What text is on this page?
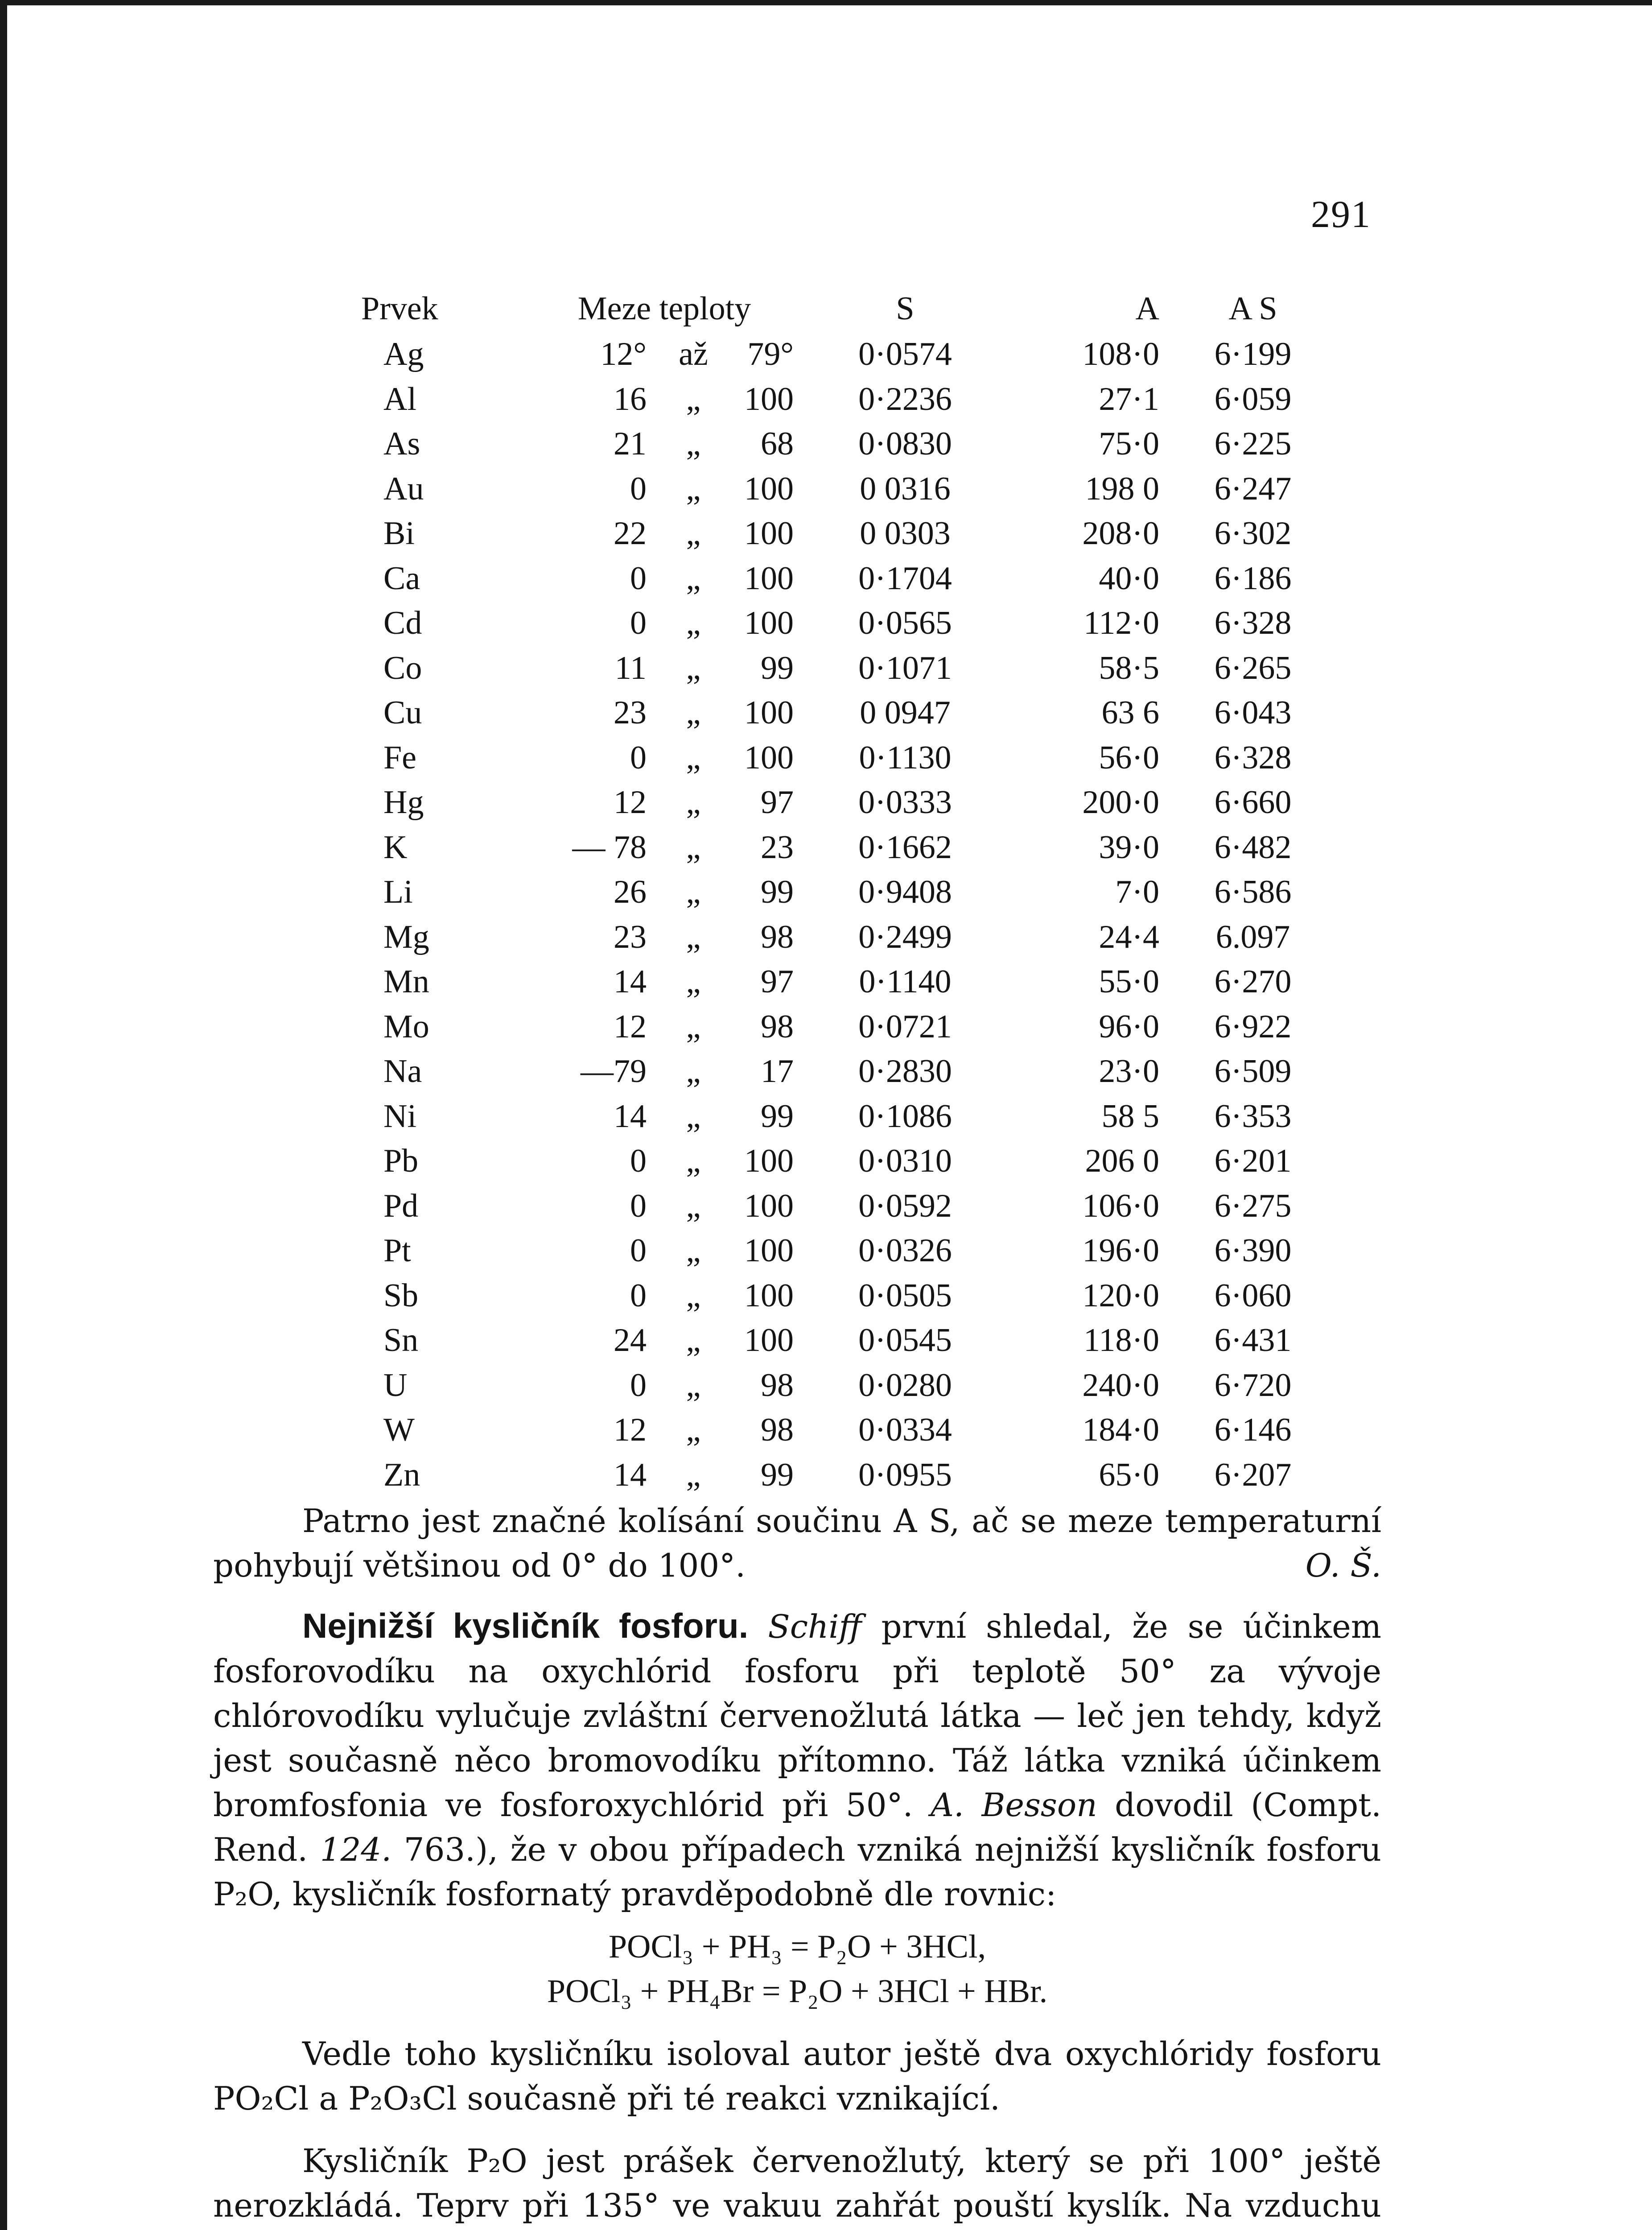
291
Prvek	Meze teploty			S	A	A S
Ag	12°	až	79°	0·0574	108·0	6·199
Al	16	„	100	0·2236	27·1	6·059
As	21	„	68	0·0830	75·0	6·225
Au	0	„	100	0 0316	198 0	6·247
Bi	22	„	100	0 0303	208·0	6·302
Ca	0	„	100	0·1704	40·0	6·186
Cd	0	„	100	0·0565	112·0	6·328
Co	11	„	99	0·1071	58·5	6·265
Cu	23	„	100	0 0947	63 6	6·043
Fe	0	„	100	0·1130	56·0	6·328
Hg	12	„	97	0·0333	200·0	6·660
K	— 78	„	23	0·1662	39·0	6·482
Li	26	„	99	0·9408	7·0	6·586
Mg	23	„	98	0·2499	24·4	6.097
Mn	14	„	97	0·1140	55·0	6·270
Mo	12	„	98	0·0721	96·0	6·922
Na	—79	„	17	0·2830	23·0	6·509
Ni	14	„	99	0·1086	58 5	6·353
Pb	0	„	100	0·0310	206 0	6·201
Pd	0	„	100	0·0592	106·0	6·275
Pt	0	„	100	0·0326	196·0	6·390
Sb	0	„	100	0·0505	120·0	6·060
Sn	24	„	100	0·0545	118·0	6·431
U	0	„	98	0·0280	240·0	6·720
W	12	„	98	0·0334	184·0	6·146
Zn	14	„	99	0·0955	65·0	6·207
Patrno jest značné kolísání součinu A S, ač se meze temperaturní pohybují většinou od 0° do 100°.	O. Š.
Nejnižší kysličník fosforu. Schiff první shledal, že se účinkem fosforovodíku na oxychlórid fosforu při teplotě 50° za vývoje chlórovodíku vylučuje zvláštní červenožlutá látka — leč jen tehdy, když jest současně něco bromovodíku přítomno. Táž látka vzniká účinkem bromfosfonia ve fosforoxychlórid při 50°. A. Besson dovodil (Compt. Rend. 124. 763.), že v obou případech vzniká nejnižší kysličník fosforu P₂O, kysličník fosfornatý pravděpodobně dle rovnic:
POCl₃ + PH₃ = P₂O + 3HCl,
POCl₃ + PH₄Br = P₂O + 3HCl + HBr.
Vedle toho kysličníku isoloval autor ještě dva oxychlóridy fosforu PO₂Cl a P₂O₃Cl současně při té reakci vznikající.
Kysličník P₂O jest prášek červenožlutý, který se při 100° ještě nerozkládá. Teprv při 135° ve vakuu zahřát pouští kyslík. Na vzduchu
